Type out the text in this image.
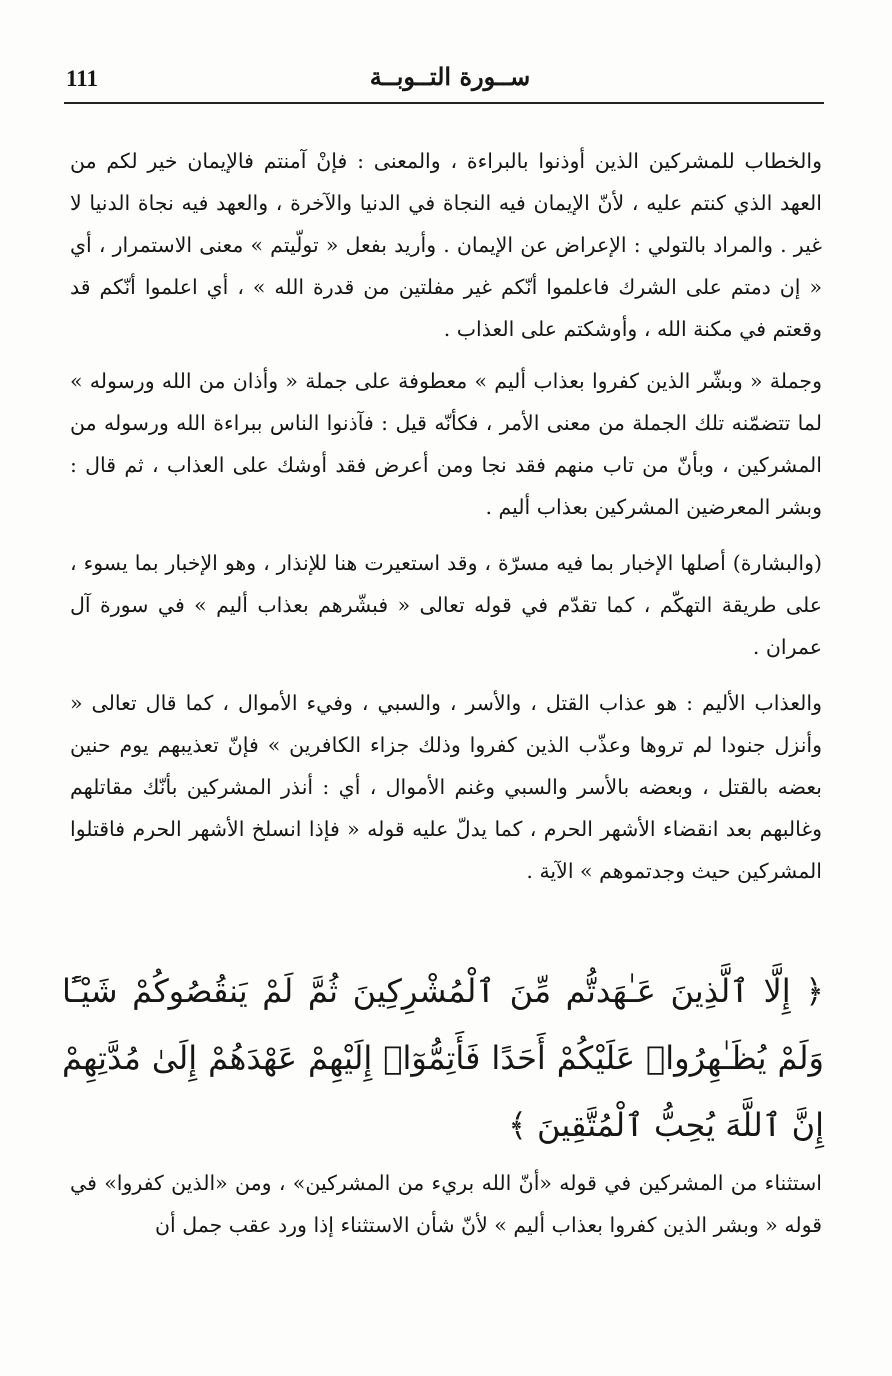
111	ســورة التــوبــة
والخطاب للمشركين الذين أوذنوا بالبراءة ، والمعنى : فإنْ آمنتم فالإيمان خير لكم من العهد الذي كنتم عليه ، لأنّ الإيمان فيه النجاة في الدنيا والآخرة ، والعهد فيه نجاة الدنيا لا غير . والمراد بالتولي : الإعراض عن الإيمان . وأريد بفعل « تولّيتم » معنى الاستمرار ، أي « إن دمتم على الشرك فاعلموا أنّكم غير مفلتين من قدرة الله » ، أي اعلموا أنّكم قد وقعتم في مكنة الله ، وأوشكتم على العذاب .
وجملة « وبشّر الذين كفروا بعذاب أليم » معطوفة على جملة « وأذان من الله ورسوله » لما تتضمّنه تلك الجملة من معنى الأمر ، فكأنّه قيل : فآذنوا الناس ببراءة الله ورسوله من المشركين ، وبأنّ من تاب منهم فقد نجا ومن أعرض فقد أوشك على العذاب ، ثم قال : وبشر المعرضين المشركين بعذاب أليم .
(والبشارة) أصلها الإخبار بما فيه مسرّة ، وقد استعيرت هنا للإنذار ، وهو الإخبار بما يسوء ، على طريقة التهكّم ، كما تقدّم في قوله تعالى « فبشّرهم بعذاب أليم » في سورة آل عمران .
والعذاب الأليم : هو عذاب القتل ، والأسر ، والسبي ، وفيء الأموال ، كما قال تعالى « وأنزل جنودا لم تروها وعذّب الذين كفروا وذلك جزاء الكافرين » فإنّ تعذيبهم يوم حنين بعضه بالقتل ، وبعضه بالأسر والسبي وغنم الأموال ، أي : أنذر المشركين بأنّك مقاتلهم وغالبهم بعد انقضاء الأشهر الحرم ، كما يدلّ عليه قوله « فإذا انسلخ الأشهر الحرم فاقتلوا المشركين حيث وجدتموهم » الآية .
﴿ إِلَّا ٱلَّذِينَ عَـٰهَدتُّم مِّنَ ٱلْمُشْرِكِينَ ثُمَّ لَمْ يَنقُصُوكُمْ شَيْـًٔا وَلَمْ يُظَـٰهِرُوا۟ عَلَيْكُمْ أَحَدًا فَأَتِمُّوٓا۟ إِلَيْهِمْ عَهْدَهُمْ إِلَىٰ مُدَّتِهِمْ إِنَّ ٱللَّهَ يُحِبُّ ٱلْمُتَّقِينَ ﴾
استثناء من المشركين في قوله «أنّ الله بريء من المشركين» ، ومن «الذين كفروا» في قوله « وبشر الذين كفروا بعذاب أليم » لأنّ شأن الاستثناء إذا ورد عقب جمل أن
